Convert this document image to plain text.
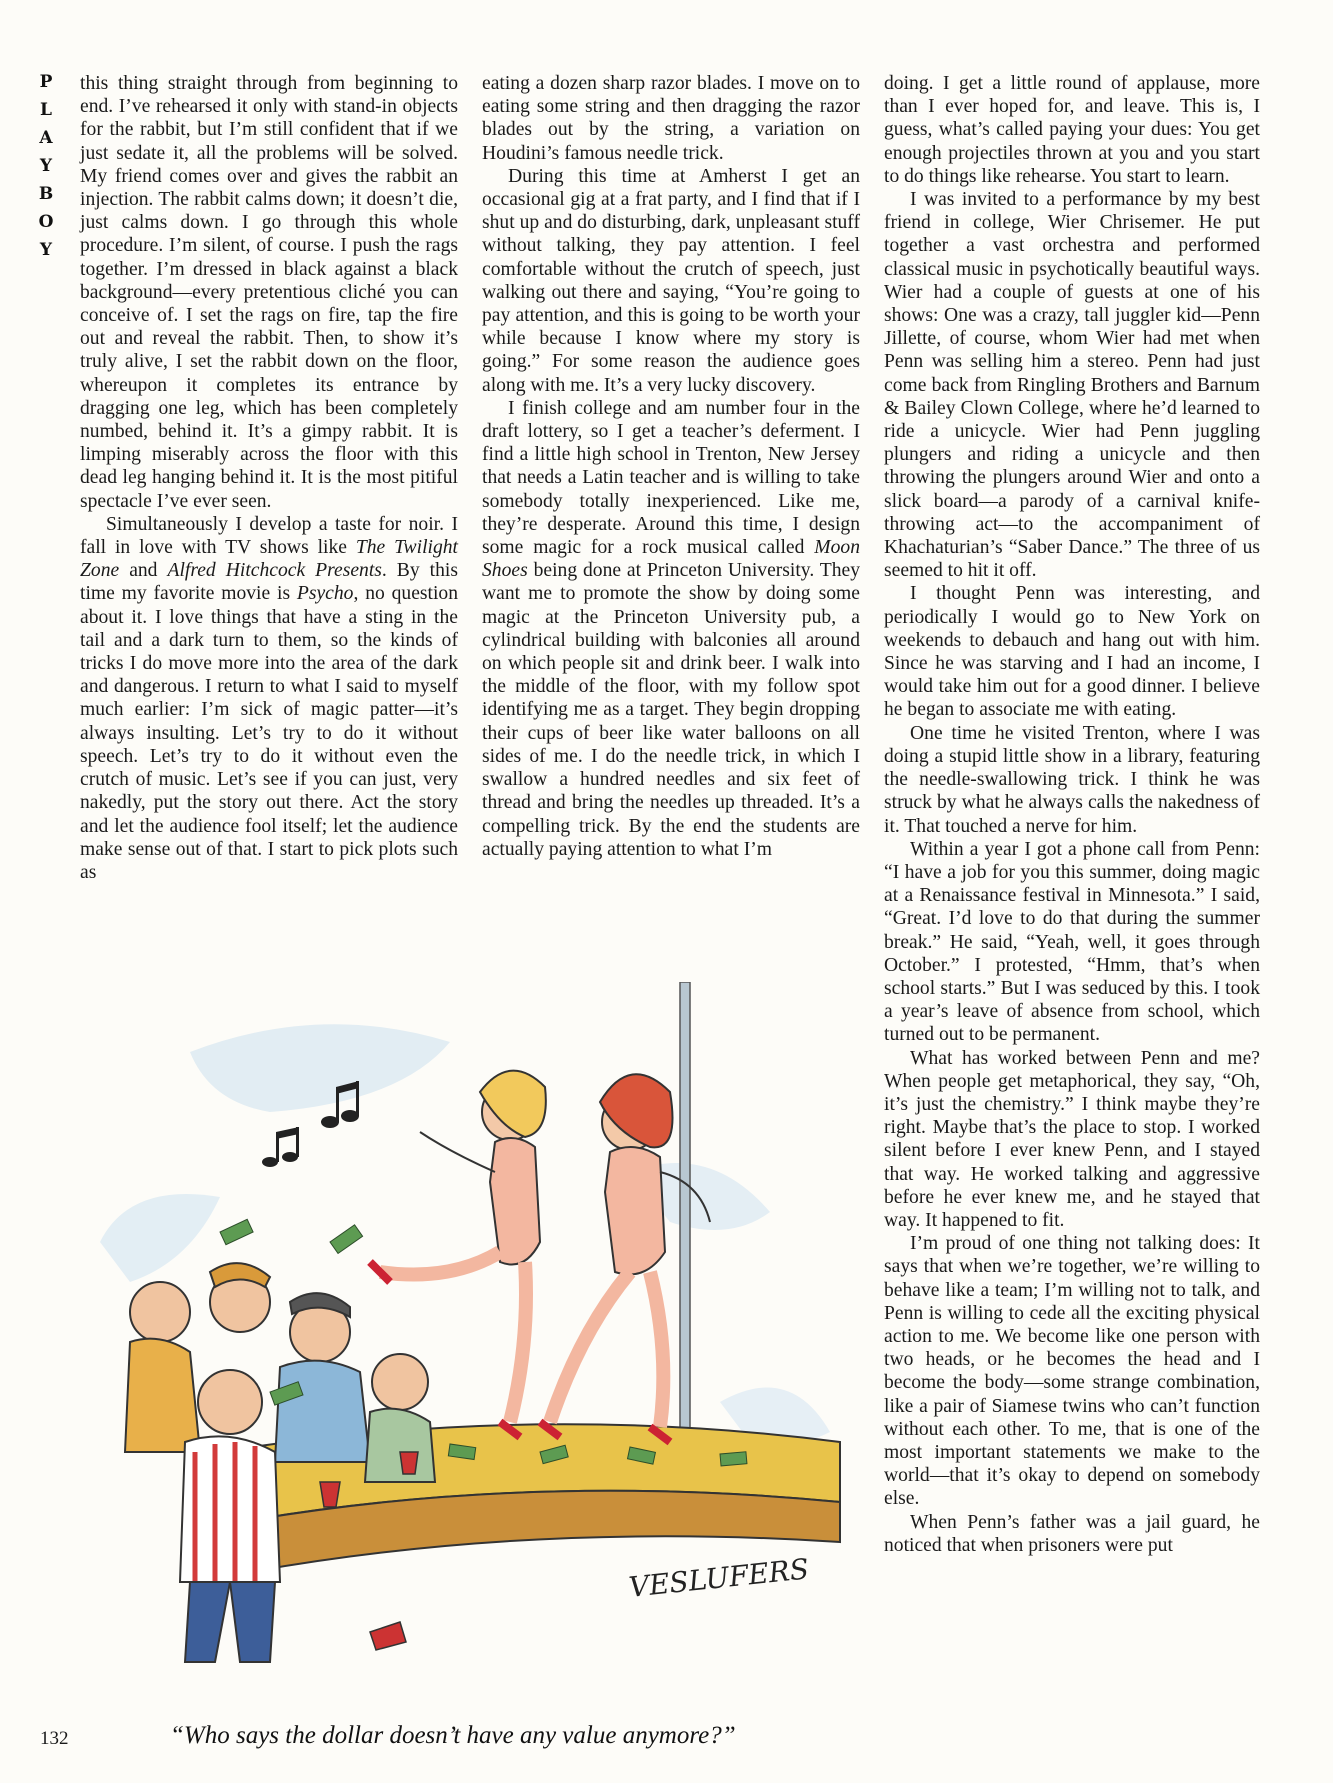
PLAYBOY this thing straight through from beginning to end. I’ve rehearsed it only with stand-in objects for the rabbit, but I’m still confident that if we just sedate it, all the problems will be solved. My friend comes over and gives the rabbit an injection. The rabbit calms down; it doesn’t die, just calms down. I go through this whole procedure. I’m silent, of course. I push the rags together. I’m dressed in black against a black background—every pretentious cliché you can conceive of. I set the rags on fire, tap the fire out and reveal the rabbit. Then, to show it’s truly alive, I set the rabbit down on the floor, whereupon it completes its entrance by dragging one leg, which has been completely numbed, behind it. It’s a gimpy rabbit. It is limping miserably across the floor with this dead leg hanging behind it. It is the most pitiful spectacle I’ve ever seen.

Simultaneously I develop a taste for noir. I fall in love with TV shows like The Twilight Zone and Alfred Hitchcock Presents. By this time my favorite movie is Psycho, no question about it. I love things that have a sting in the tail and a dark turn to them, so the kinds of tricks I do move more into the area of the dark and dangerous. I return to what I said to myself much earlier: I’m sick of magic patter—it’s always insulting. Let’s try to do it without speech. Let’s try to do it without even the crutch of music. Let’s see if you can just, very nakedly, put the story out there. Act the story and let the audience fool itself; let the audience make sense out of that. I start to pick plots such as

eating a dozen sharp razor blades. I move on to eating some string and then dragging the razor blades out by the string, a variation on Houdini’s famous needle trick.

During this time at Amherst I get an occasional gig at a frat party, and I find that if I shut up and do disturbing, dark, unpleasant stuff without talking, they pay attention. I feel comfortable without the crutch of speech, just walking out there and saying, “You’re going to pay attention, and this is going to be worth your while because I know where my story is going.” For some reason the audience goes along with me. It’s a very lucky discovery.

I finish college and am number four in the draft lottery, so I get a teacher’s deferment. I find a little high school in Trenton, New Jersey that needs a Latin teacher and is willing to take somebody totally inexperienced. Like me, they’re desperate. Around this time, I design some magic for a rock musical called Moon Shoes being done at Princeton University. They want me to promote the show by doing some magic at the Princeton University pub, a cylindrical building with balconies all around on which people sit and drink beer. I walk into the middle of the floor, with my follow spot identifying me as a target. They begin dropping their cups of beer like water balloons on all sides of me. I do the needle trick, in which I swallow a hundred needles and six feet of thread and bring the needles up threaded. It’s a compelling trick. By the end the students are actually paying attention to what I’m

doing. I get a little round of applause, more than I ever hoped for, and leave. This is, I guess, what’s called paying your dues: You get enough projectiles thrown at you and you start to do things like rehearse. You start to learn.

I was invited to a performance by my best friend in college, Wier Chrisemer. He put together a vast orchestra and performed classical music in psychotically beautiful ways. Wier had a couple of guests at one of his shows: One was a crazy, tall juggler kid—Penn Jillette, of course, whom Wier had met when Penn was selling him a stereo. Penn had just come back from Ringling Brothers and Barnum & Bailey Clown College, where he’d learned to ride a unicycle. Wier had Penn juggling plungers and riding a unicycle and then throwing the plungers around Wier and onto a slick board—a parody of a carnival knife-throwing act—to the accompaniment of Khachaturian’s “Saber Dance.” The three of us seemed to hit it off.

I thought Penn was interesting, and periodically I would go to New York on weekends to debauch and hang out with him. Since he was starving and I had an income, I would take him out for a good dinner. I believe he began to associate me with eating.

One time he visited Trenton, where I was doing a stupid little show in a library, featuring the needle-swallowing trick. I think he was struck by what he always calls the nakedness of it. That touched a nerve for him.

Within a year I got a phone call from Penn: “I have a job for you this summer, doing magic at a Renaissance festival in Minnesota.” I said, “Great. I’d love to do that during the summer break.” He said, “Yeah, well, it goes through October.” I protested, “Hmm, that’s when school starts.” But I was seduced by this. I took a year’s leave of absence from school, which turned out to be permanent.

What has worked between Penn and me? When people get metaphorical, they say, “Oh, it’s just the chemistry.” I think maybe they’re right. Maybe that’s the place to stop. I worked silent before I ever knew Penn, and I stayed that way. He worked talking and aggressive before he ever knew me, and he stayed that way. It happened to fit.

I’m proud of one thing not talking does: It says that when we’re together, we’re willing to behave like a team; I’m willing not to talk, and Penn is willing to cede all the exciting physical action to me. We become like one person with two heads, or he becomes the head and I become the body—some strange combination, like a pair of Siamese twins who can’t function without each other. To me, that is one of the most important statements we make to the world—that it’s okay to depend on somebody else.

When Penn’s father was a jail guard, he noticed that when prisoners were put

VESLUFERS
132	“Who says the dollar doesn’t have any value anymore?”
